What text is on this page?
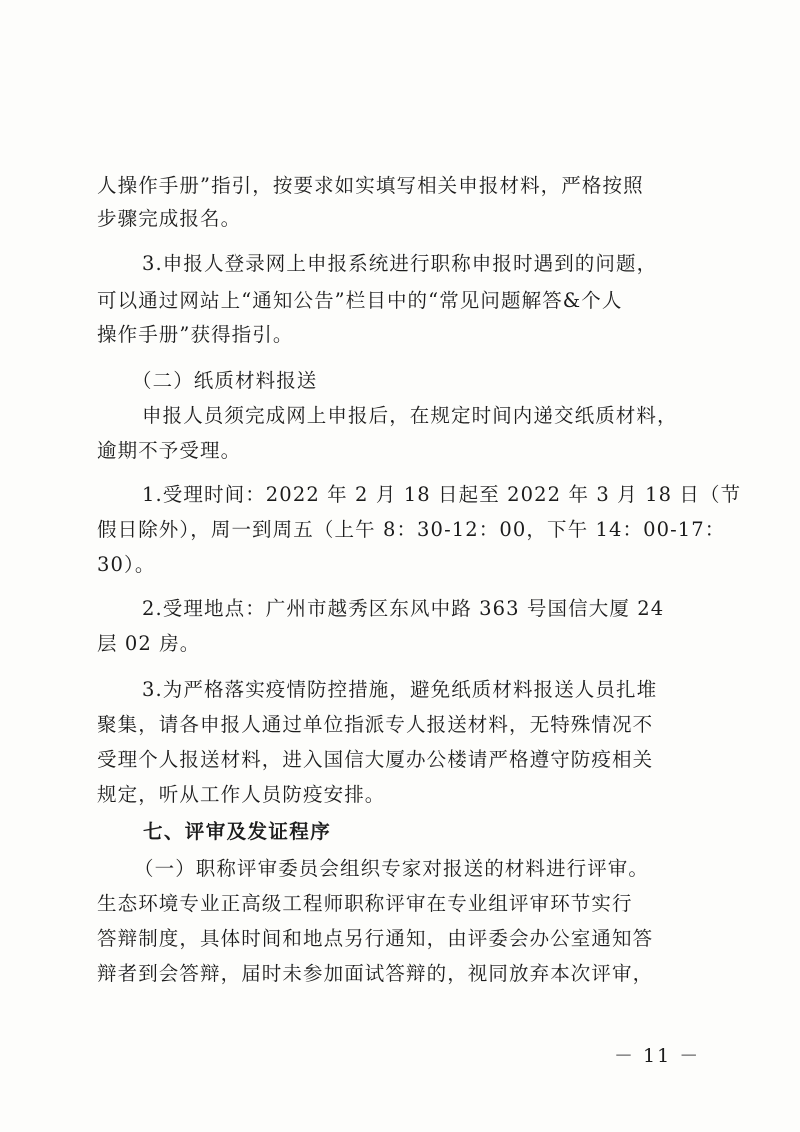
人操作手册”指引，按要求如实填写相关申报材料，严格按照
步骤完成报名。
3.申报人登录网上申报系统进行职称申报时遇到的问题，
可以通过网站上“通知公告”栏目中的“常见问题解答&个人
操作手册”获得指引。
（二）纸质材料报送
申报人员须完成网上申报后，在规定时间内递交纸质材料，
逾期不予受理。
1.受理时间：2022 年 2 月 18 日起至 2022 年 3 月 18 日（节
假日除外），周一到周五（上午 8：30-12：00，下午 14：00-17：
30）。
2.受理地点：广州市越秀区东风中路 363 号国信大厦 24
层 02 房。
3.为严格落实疫情防控措施，避免纸质材料报送人员扎堆
聚集，请各申报人通过单位指派专人报送材料，无特殊情况不
受理个人报送材料，进入国信大厦办公楼请严格遵守防疫相关
规定，听从工作人员防疫安排。
七、评审及发证程序
（一）职称评审委员会组织专家对报送的材料进行评审。
生态环境专业正高级工程师职称评审在专业组评审环节实行
答辩制度，具体时间和地点另行通知，由评委会办公室通知答
辩者到会答辩，届时未参加面试答辩的，视同放弃本次评审，
－ 11 －
